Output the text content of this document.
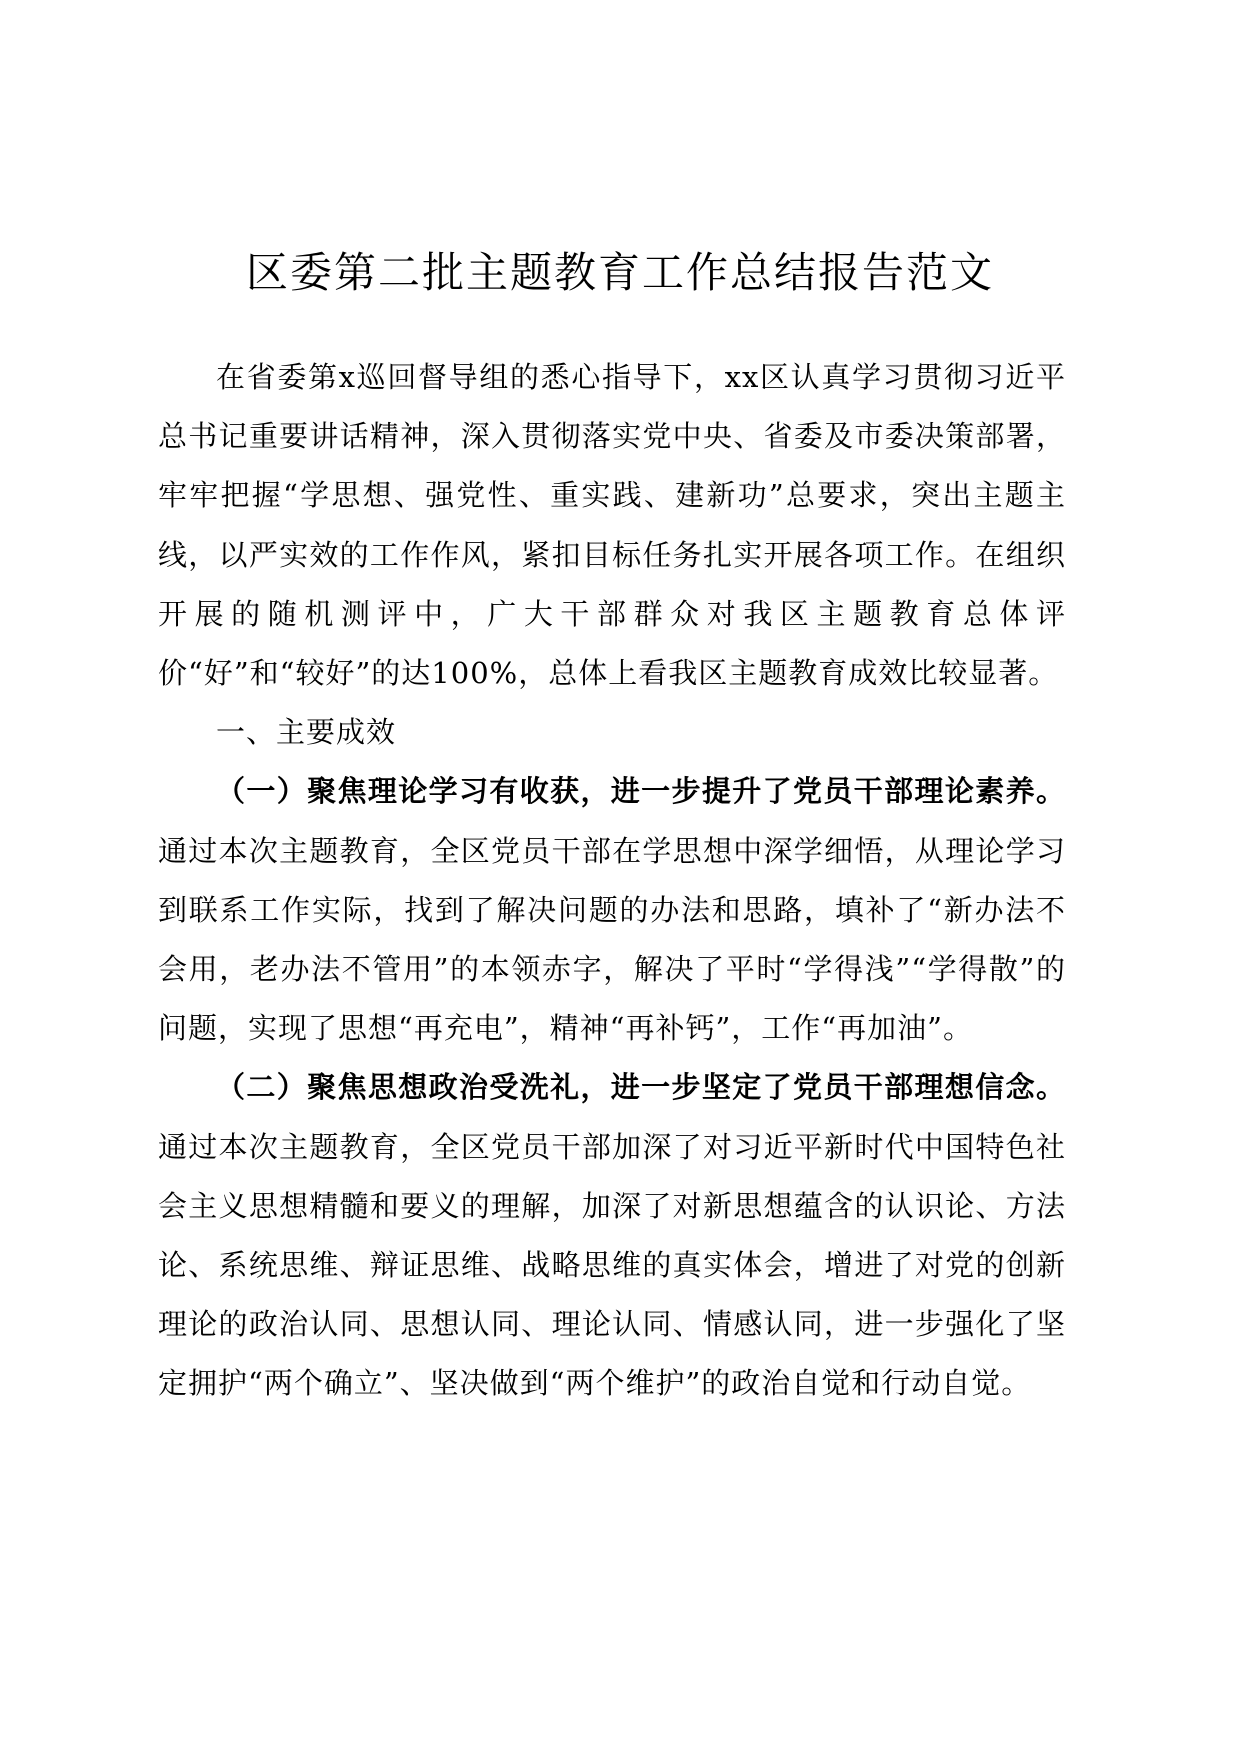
区委第二批主题教育工作总结报告范文

在省委第x巡回督导组的悉心指导下，xx区认真学习贯彻习近平总书记重要讲话精神，深入贯彻落实党中央、省委及市委决策部署，牢牢把握“学思想、强党性、重实践、建新功”总要求，突出主题主线，以严实效的工作作风，紧扣目标任务扎实开展各项工作。在组织开展的随机测评中，广大干部群众对我区主题教育总体评价“好”和“较好”的达100%，总体上看我区主题教育成效比较显著。

一、主要成效

（一）聚焦理论学习有收获，进一步提升了党员干部理论素养。通过本次主题教育，全区党员干部在学思想中深学细悟，从理论学习到联系工作实际，找到了解决问题的办法和思路，填补了“新办法不会用，老办法不管用”的本领赤字，解决了平时“学得浅”“学得散”的问题，实现了思想“再充电”，精神“再补钙”，工作“再加油”。

（二）聚焦思想政治受洗礼，进一步坚定了党员干部理想信念。通过本次主题教育，全区党员干部加深了对习近平新时代中国特色社会主义思想精髓和要义的理解，加深了对新思想蕴含的认识论、方法论、系统思维、辩证思维、战略思维的真实体会，增进了对党的创新理论的政治认同、思想认同、理论认同、情感认同，进一步强化了坚定拥护“两个确立”、坚决做到“两个维护”的政治自觉和行动自觉。
